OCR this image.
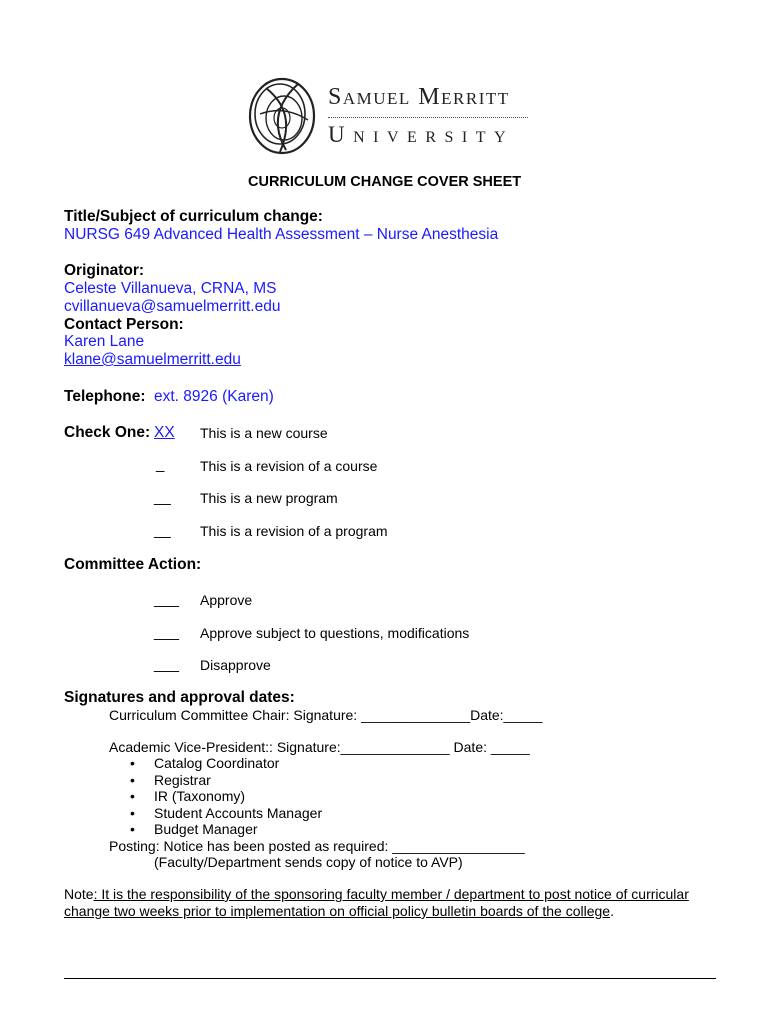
Samuel Merritt
University
CURRICULUM CHANGE COVER SHEET
Title/Subject of curriculum change:
NURSG 649 Advanced Health Assessment – Nurse Anesthesia
Originator:
Celeste Villanueva, CRNA, MS
cvillanueva@samuelmerritt.edu
Contact Person:
Karen Lane
klane@samuelmerritt.edu
Telephone: ext. 8926 (Karen)
Check One: XX This is a new course
_	This is a revision of a course
__ This is a new program
__ This is a revision of a program
Committee Action:
___ Approve
___ Approve subject to questions, modifications
___ Disapprove
Signatures and approval dates:
Curriculum Committee Chair: Signature: ______________Date:_____
Academic Vice-President:: Signature:______________ Date: _____
• Catalog Coordinator
• Registrar
• IR (Taxonomy)
• Student Accounts Manager
• Budget Manager
Posting: Notice has been posted as required: _________________
(Faculty/Department sends copy of notice to AVP)
Note: It is the responsibility of the sponsoring faculty member / department to post notice of curricular
change two weeks prior to implementation on official policy bulletin boards of the college.
